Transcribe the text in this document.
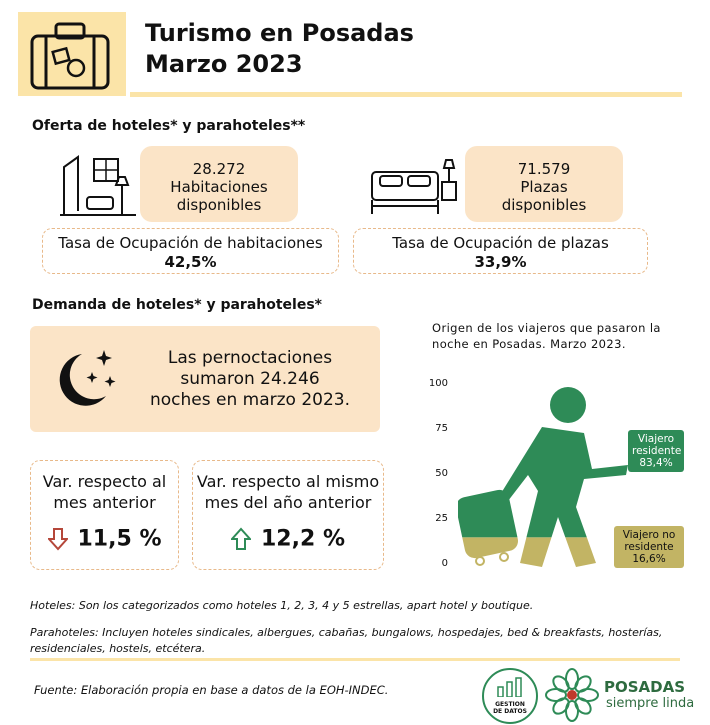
Turismo en Posadas
Marzo 2023
Oferta de hoteles* y parahoteles**
28.272
Habitaciones
disponibles
71.579
Plazas
disponibles
Tasa de Ocupación de habitaciones
42,5%
Tasa de Ocupación de plazas
33,9%
Demanda de hoteles* y parahoteles*
Las pernoctaciones
sumaron 24.246
noches en marzo 2023.
Var. respecto al
mes anterior
11,5 %
Var. respecto al mismo
mes del año anterior
12,2 %
Origen de los viajeros que pasaron la
noche en Posadas. Marzo 2023.
100
75
50
25
0
Viajero
residente
83,4%
Viajero no
residente
16,6%
Hoteles: Son los categorizados como hoteles 1, 2, 3, 4 y 5 estrellas, apart hotel y boutique.
Parahoteles: Incluyen hoteles sindicales, albergues, cabañas, bungalows, hospedajes, bed & breakfasts, hosterías,
residenciales, hostels, etcétera.
Fuente: Elaboración propia en base a datos de la EOH-INDEC.
GESTION
DE DATOS
POSADAS
siempre linda
